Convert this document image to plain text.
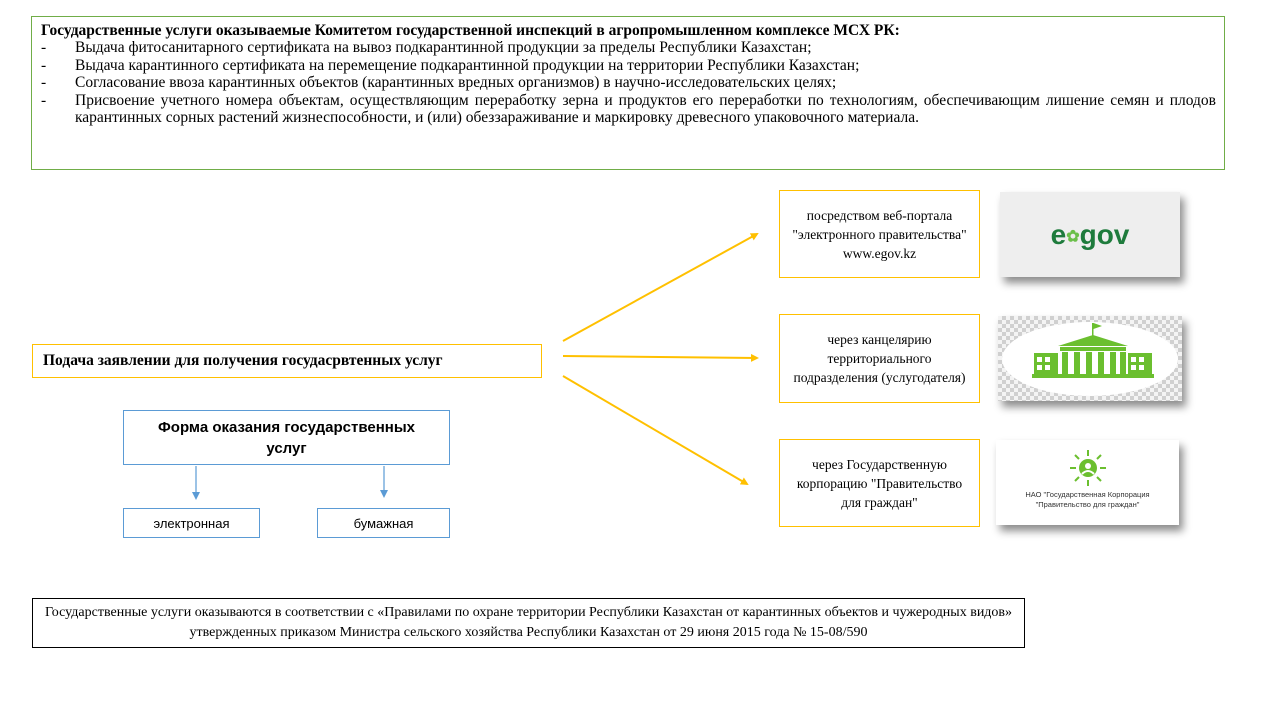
Государственные услуги оказываемые Комитетом государственной инспекций в агропромышленном комплексе МСХ РК:
-	Выдача фитосанитарного сертификата на вывоз подкарантинной продукции за пределы Республики Казахстан;
-	Выдача карантинного сертификата на перемещение подкарантинной продукции на территории Республики Казахстан;
-	Согласование ввоза карантинных объектов (карантинных вредных организмов) в научно-исследовательских целях;
-	Присвоение учетного номера объектам, осуществляющим переработку зерна и продуктов его переработки по технологиям, обеспечивающим лишение семян и плодов карантинных сорных растений жизнеспособности, и (или) обеззараживание и маркировку древесного упаковочного материала.
Подача заявлении для получения госудасрвтенных услуг
Форма оказания государственных услуг
электронная	бумажная
посредством веб-портала "электронного правительства" www.egov.kz
через канцелярию территориального подразделения (услугодателя)
через Государственную корпорацию "Правительство для граждан"
e✿gov
НАО "Государственная Корпорация
"Правительство для граждан"
Государственные услуги оказываются в соответствии с «Правилами по охране территории Республики Казахстан от карантинных объектов и чужеродных видов» утвержденных приказом Министра сельского хозяйства Республики Казахстан от 29 июня 2015 года № 15-08/590
